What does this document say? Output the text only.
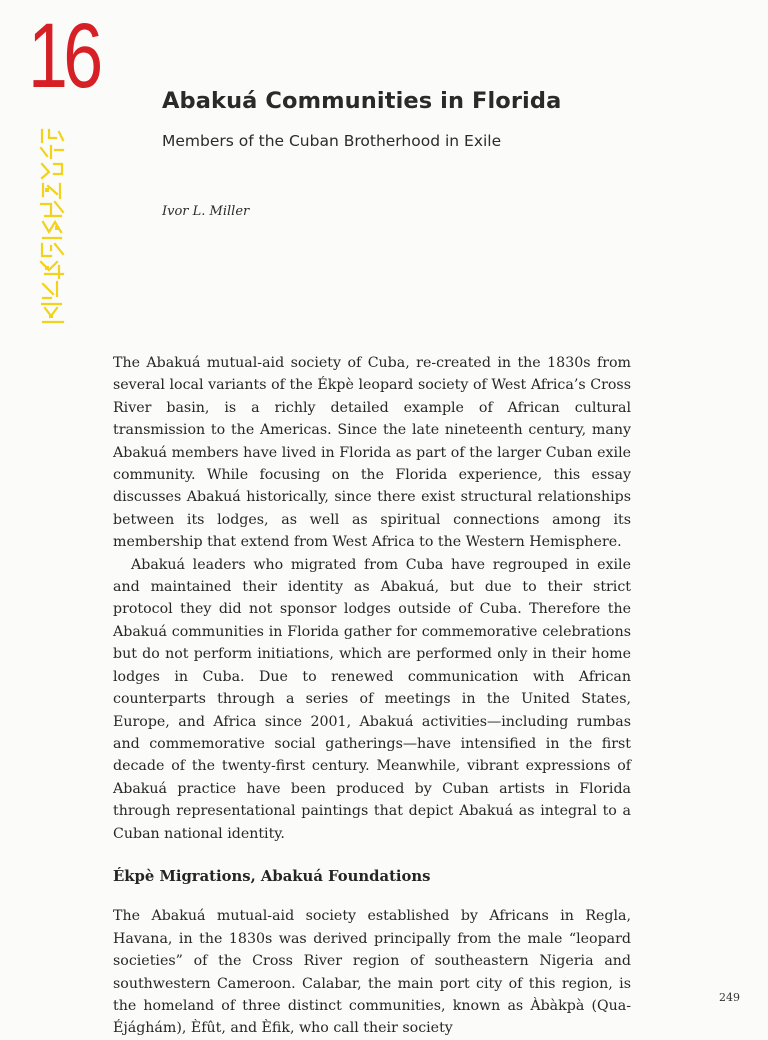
16	Abakuá Communities in Florida
Members of the Cuban Brotherhood in Exile

Ivor L. Miller

The Abakuá mutual-aid society of Cuba, re-created in the 1830s from several local variants of the Ékpè leopard society of West Africa’s Cross River basin, is a richly detailed example of African cultural transmission to the Americas. Since the late nineteenth century, many Abakuá members have lived in Florida as part of the larger Cuban exile community. While focusing on the Florida experience, this essay discusses Abakuá historically, since there exist structural relationships between its lodges, as well as spiritual connections among its membership that extend from West Africa to the Western Hemisphere.

Abakuá leaders who migrated from Cuba have regrouped in exile and maintained their identity as Abakuá, but due to their strict protocol they did not sponsor lodges outside of Cuba. Therefore the Abakuá communities in Florida gather for commemorative celebrations but do not perform initiations, which are performed only in their home lodges in Cuba. Due to renewed communication with African counterparts through a series of meetings in the United States, Europe, and Africa since 2001, Abakuá activities—including rumbas and commemorative social gatherings—have intensified in the first decade of the twenty-first century. Meanwhile, vibrant expressions of Abakuá practice have been produced by Cuban artists in Florida through representational paintings that depict Abakuá as integral to a Cuban national identity.

Ékpè Migrations, Abakuá Foundations

The Abakuá mutual-aid society established by Africans in Regla, Havana, in the 1830s was derived principally from the male “leopard societies” of the Cross River region of southeastern Nigeria and southwestern Cameroon. Calabar, the main port city of this region, is the homeland of three distinct communities, known as Àbàkpà (Qua-Éjághám), Èfût, and Èfik, who call their society

249
